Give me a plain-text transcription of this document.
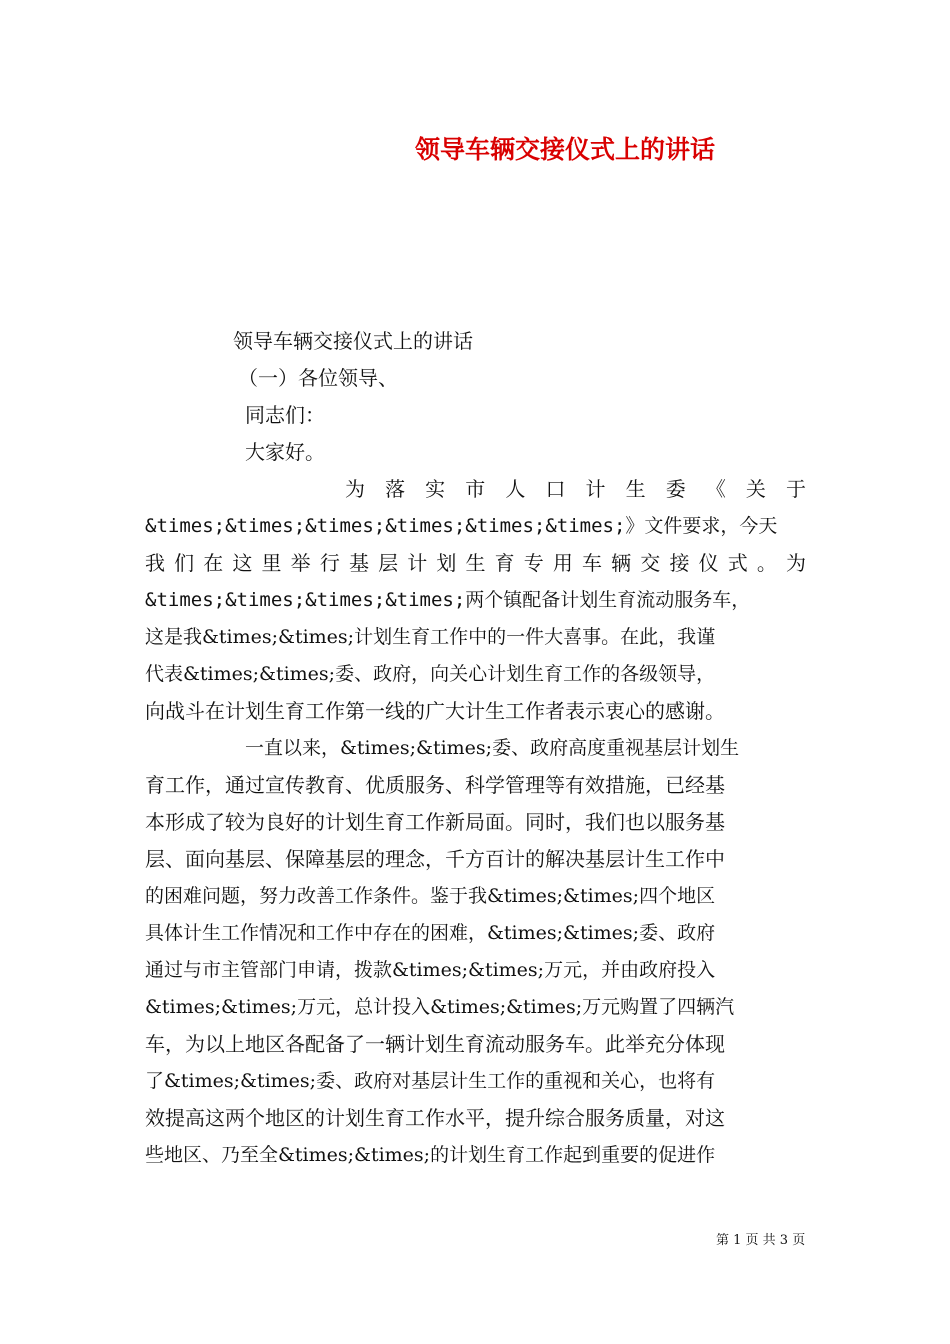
领导车辆交接仪式上的讲话
领导车辆交接仪式上的讲话
（一）各位领导、
同志们：
大家好。
为 落 实 市 人 口 计 生 委 《 关 于
&times;&times;&times;&times;&times;&times;》文件要求，今天
我 们 在 这 里 举 行 基 层 计 划 生 育 专 用 车 辆 交 接 仪 式 。 为
&times;&times;&times;&times;两个镇配备计划生育流动服务车，
这是我&times;&times;计划生育工作中的一件大喜事。在此，我谨
代表&times;&times;委、政府，向关心计划生育工作的各级领导，
向战斗在计划生育工作第一线的广大计生工作者表示衷心的感谢。
一直以来，&times;&times;委、政府高度重视基层计划生
育工作，通过宣传教育、优质服务、科学管理等有效措施，已经基
本形成了较为良好的计划生育工作新局面。同时，我们也以服务基
层、面向基层、保障基层的理念，千方百计的解决基层计生工作中
的困难问题，努力改善工作条件。鉴于我&times;&times;四个地区
具体计生工作情况和工作中存在的困难，&times;&times;委、政府
通过与市主管部门申请，拨款&times;&times;万元，并由政府投入
&times;&times;万元，总计投入&times;&times;万元购置了四辆汽
车，为以上地区各配备了一辆计划生育流动服务车。此举充分体现
了&times;&times;委、政府对基层计生工作的重视和关心，也将有
效提高这两个地区的计划生育工作水平，提升综合服务质量，对这
些地区、乃至全&times;&times;的计划生育工作起到重要的促进作
第 1 页 共 3 页
